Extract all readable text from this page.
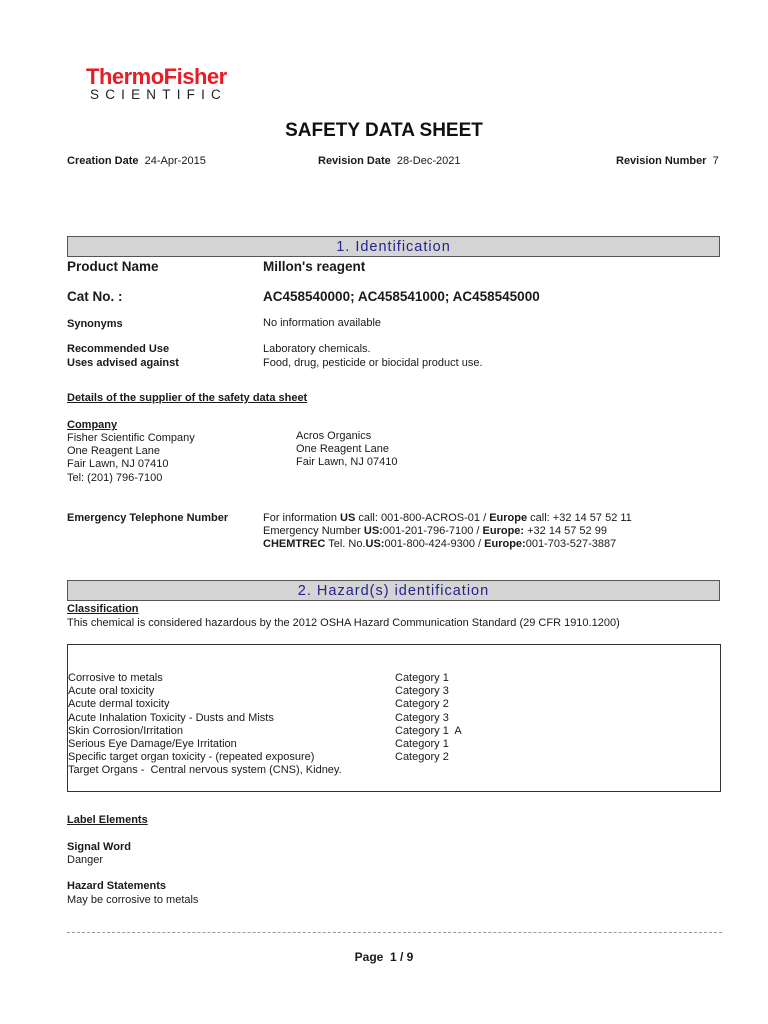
ThermoFisher
SCIENTIFIC
SAFETY DATA SHEET
Creation Date 24-Apr-2015	Revision Date 28-Dec-2021	Revision Number 7
1. Identification
Product Name	Millon's reagent
Cat No. :	AC458540000; AC458541000; AC458545000
Synonyms	No information available
Recommended Use	Laboratory chemicals.
Uses advised against	Food, drug, pesticide or biocidal product use.
Details of the supplier of the safety data sheet
Company
Fisher Scientific Company
One Reagent Lane
Fair Lawn, NJ 07410
Tel: (201) 796-7100
Acros Organics
One Reagent Lane
Fair Lawn, NJ 07410
Emergency Telephone Number	For information US call: 001-800-ACROS-01 / Europe call: +32 14 57 52 11
Emergency Number US:001-201-796-7100 / Europe: +32 14 57 52 99
CHEMTREC Tel. No.US:001-800-424-9300 / Europe:001-703-527-3887
2. Hazard(s) identification
Classification
This chemical is considered hazardous by the 2012 OSHA Hazard Communication Standard (29 CFR 1910.1200)
Corrosive to metals	Category 1
Acute oral toxicity	Category 3
Acute dermal toxicity	Category 2
Acute Inhalation Toxicity - Dusts and Mists	Category 3
Skin Corrosion/Irritation	Category 1  A
Serious Eye Damage/Eye Irritation	Category 1
Specific target organ toxicity - (repeated exposure)	Category 2
Target Organs -  Central nervous system (CNS), Kidney.
Label Elements
Signal Word
Danger
Hazard Statements
May be corrosive to metals
Page  1 / 9
